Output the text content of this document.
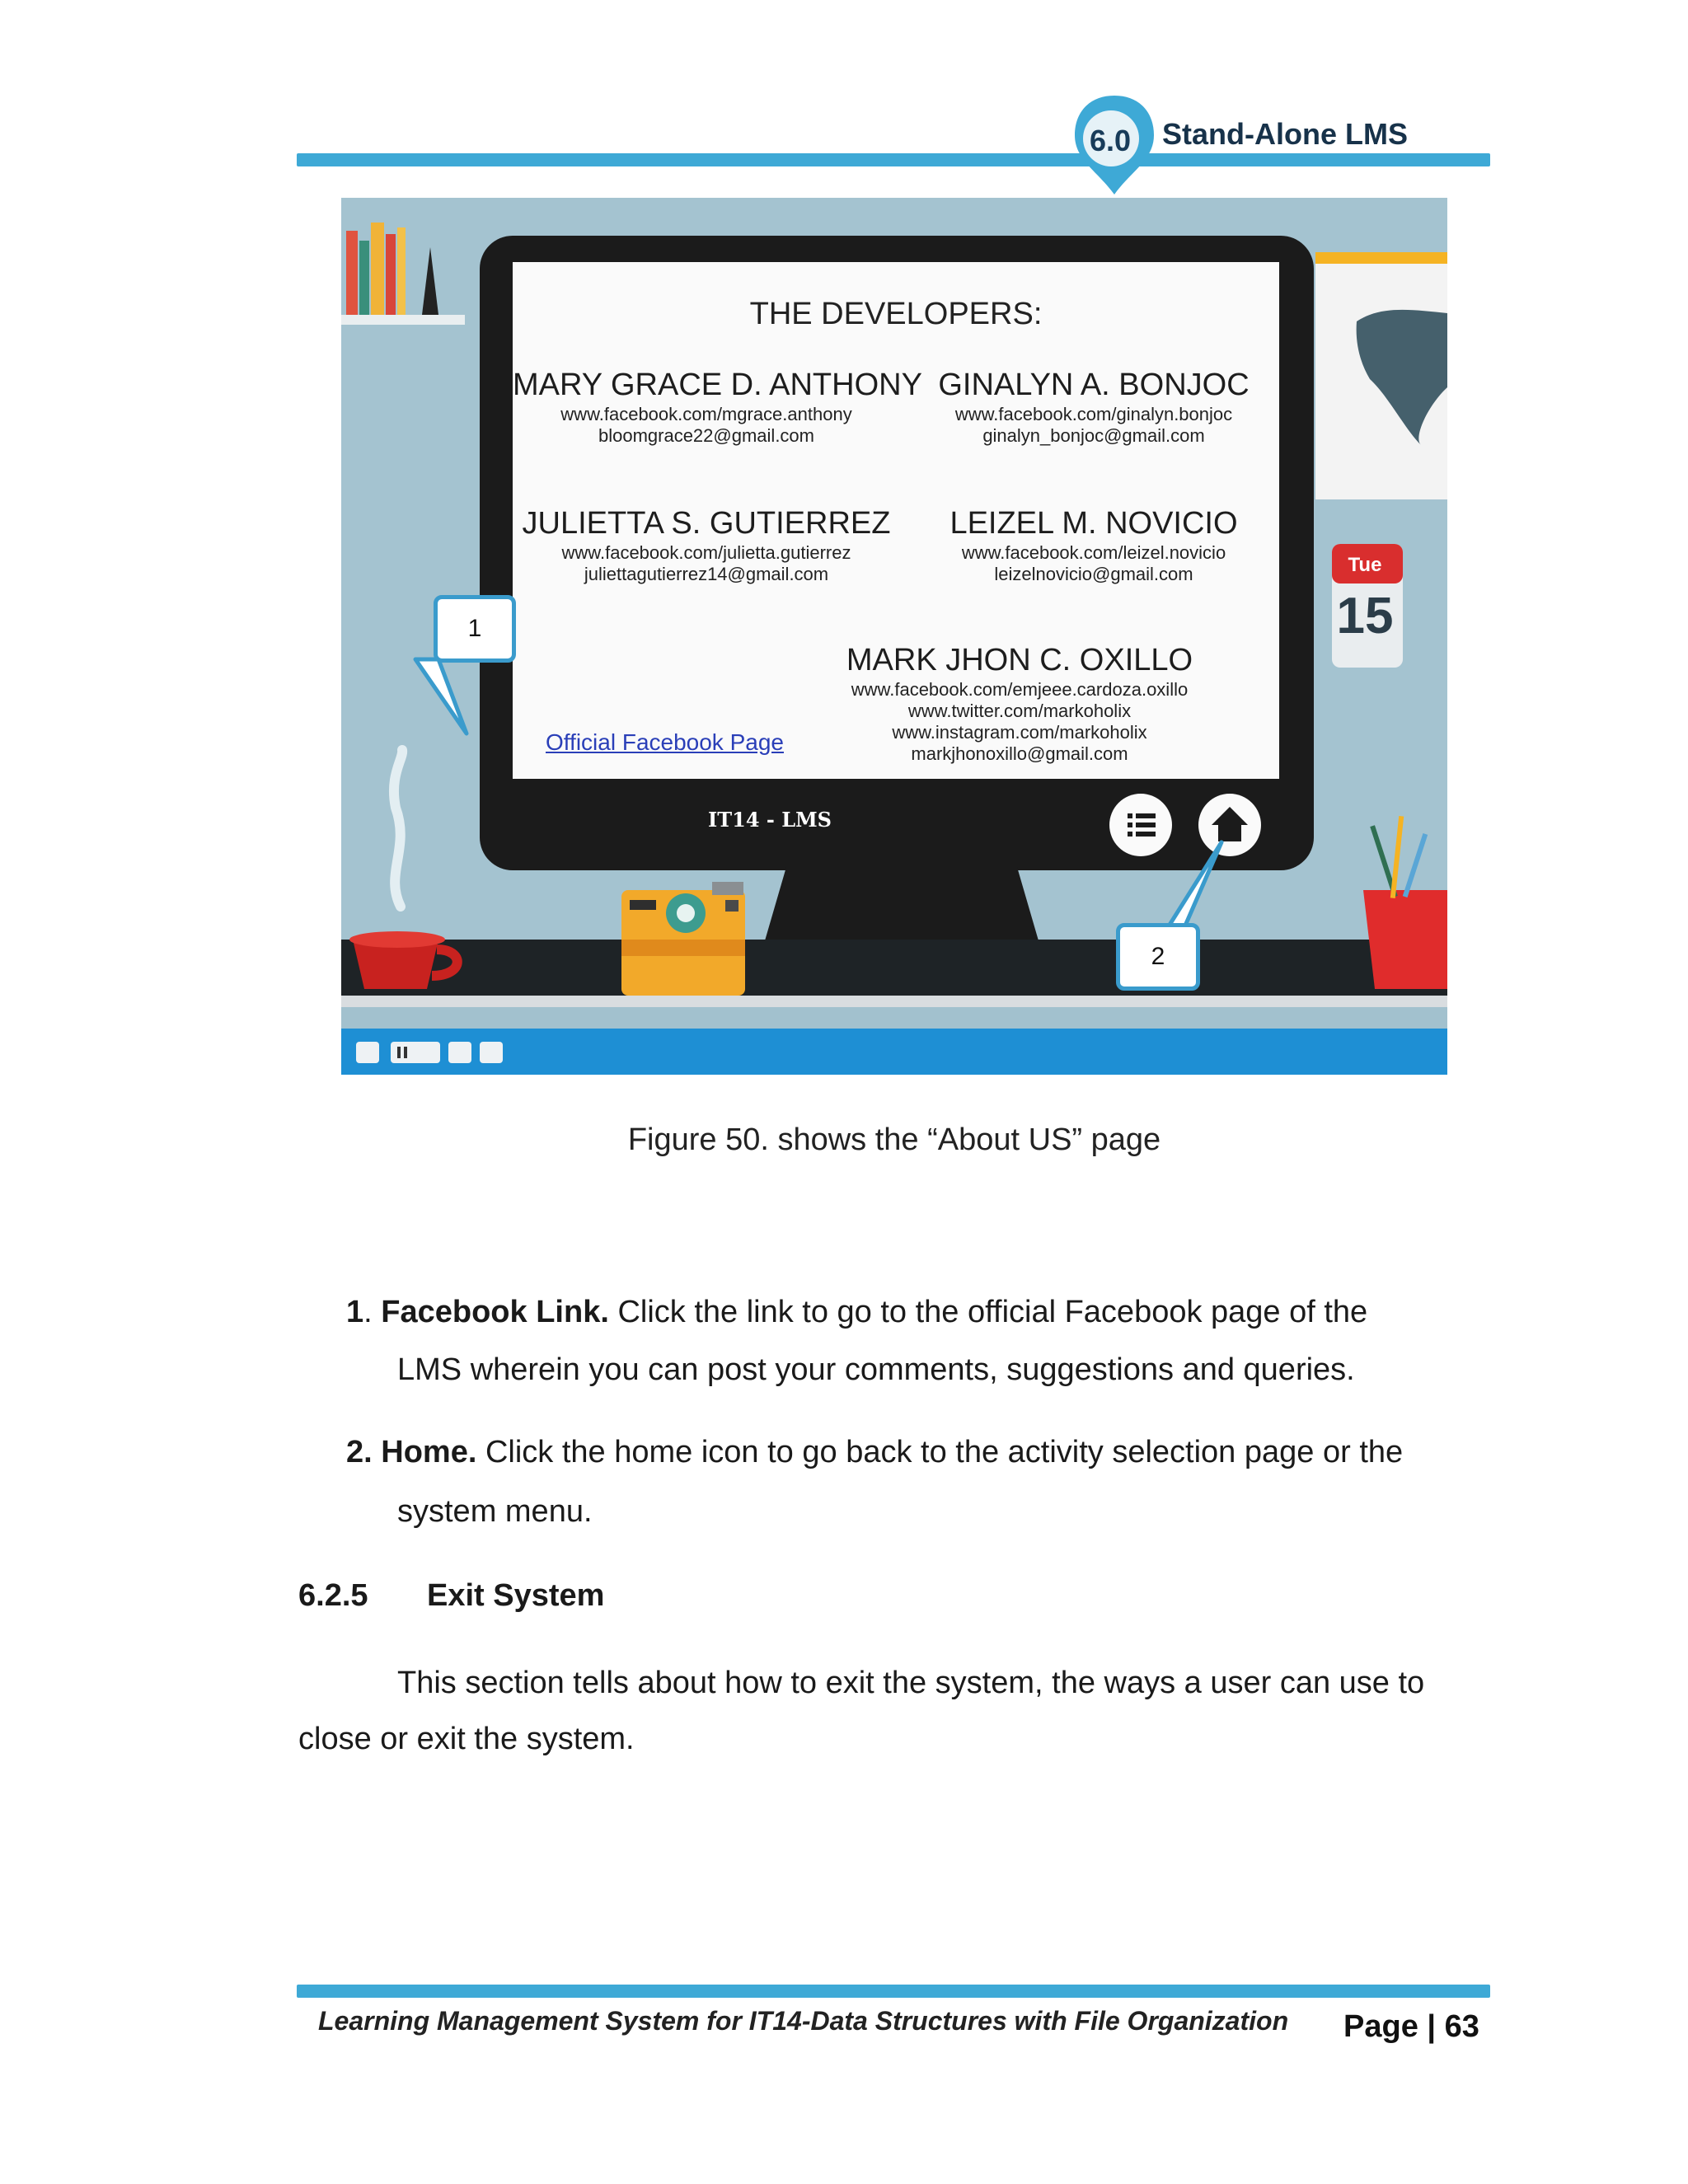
6.0	Stand-Alone LMS
THE DEVELOPERS:
MARY GRACE D. ANTHONY
www.facebook.com/mgrace.anthony
bloomgrace22@gmail.com
GINALYN A. BONJOC
www.facebook.com/ginalyn.bonjoc
ginalyn_bonjoc@gmail.com
JULIETTA S. GUTIERREZ
www.facebook.com/julietta.gutierrez
juliettagutierrez14@gmail.com
LEIZEL M. NOVICIO
www.facebook.com/leizel.novicio
leizelnovicio@gmail.com
MARK JHON C. OXILLO
www.facebook.com/emjeee.cardoza.oxillo
www.twitter.com/markoholix
www.instagram.com/markoholix
markjhonoxillo@gmail.com
Official Facebook Page
IT14 - LMS
Tue
15
1
2
Figure 50. shows the “About US” page
1. Facebook Link. Click the link to go to the official Facebook page of the
LMS wherein you can post your comments, suggestions and queries.
2. Home. Click the home icon to go back to the activity selection page or the
system menu.
6.2.5 Exit System
This section tells about how to exit the system, the ways a user can use to
close or exit the system.
Learning Management System for IT14-Data Structures with File Organization Page | 63
